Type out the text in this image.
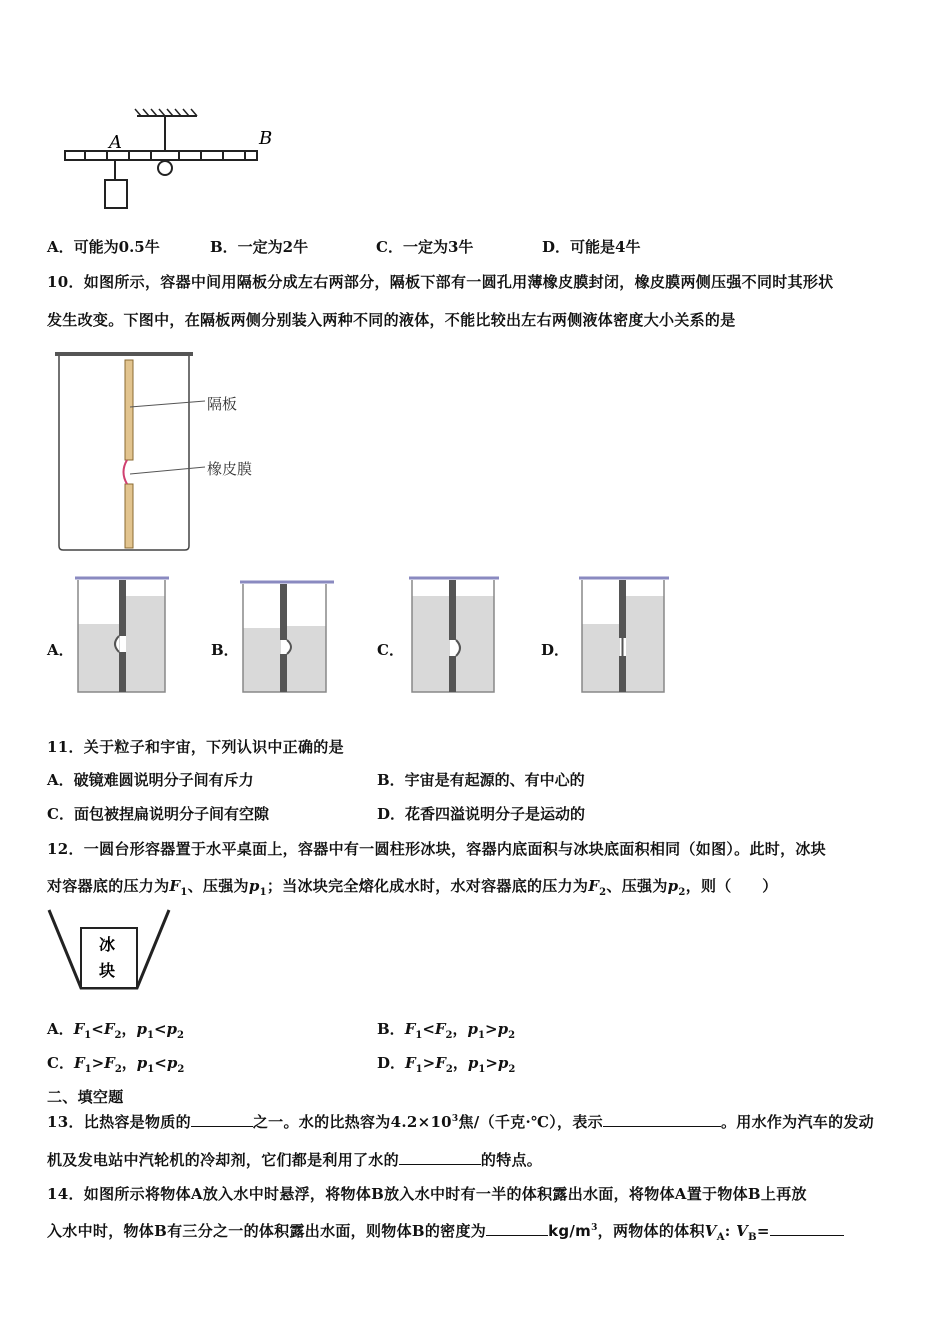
A	B
A．可能为0.5牛	B．一定为2牛	C．一定为3牛	D．可能是4牛
10．如图所示，容器中间用隔板分成左右两部分，隔板下部有一圆孔用薄橡皮膜封闭，橡皮膜两侧压强不同时其形状
发生改变。下图中，在隔板两侧分别装入两种不同的液体，不能比较出左右两侧液体密度大小关系的是
隔板
橡皮膜
A．	B．	C．	D．
11．关于粒子和宇宙，下列认识中正确的是
A．破镜难圆说明分子间有斥力	B．宇宙是有起源的、有中心的
C．面包被捏扁说明分子间有空隙	D．花香四溢说明分子是运动的
12．一圆台形容器置于水平桌面上，容器中有一圆柱形冰块，容器内底面积与冰块底面积相同（如图）。此时，冰块
对容器底的压力为$F_1$、压强为$p_1$；当冰块完全熔化成水时，水对容器底的压力为$F_2$、压强为$p_2$，则（　　）
冰
块
A．$F_1<F_2$，$p_1<p_2$	B．$F_1<F_2$，$p_1>p_2$
C．$F_1>F_2$，$p_1<p_2$	D．$F_1>F_2$，$p_1>p_2$
二、填空题
13．比热容是物质的	之一。水的比热容为$4.2\times 10^3$焦/（千克·℃），表示	。用水作为汽车的发动
机及发电站中汽轮机的冷却剂，它们都是利用了水的	的特点。
14．如图所示将物体A放入水中时悬浮，将物体B放入水中时有一半的体积露出水面，将物体A置于物体B上再放
入水中时，物体B有三分之一的体积露出水面，则物体B的密度为	$kg/m^3$，两物体的体积$V_A$: $V_B=$
